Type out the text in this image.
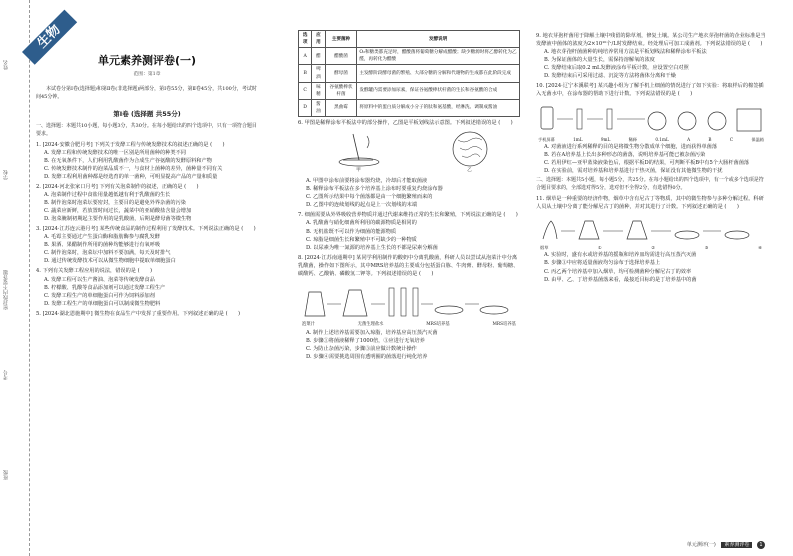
姓名
学校
密封线内不要答题
考号
班级
生物
单元素养测评卷(一)
范围：第1章
本试卷分第Ⅰ卷(选择题)和第Ⅱ卷(非选择题)两部分，第Ⅰ卷55分，第Ⅱ卷45分，共100分，考试时间45分钟。
第Ⅰ卷 (选择题 共55分)
一、选择题：本题共10小题，每小题3分，共30分。在每小题给出的四个选项中，只有一项符合题目要求。
1. [2024·安徽合肥月考] 下列关于发酵工程与传统发酵技术的叙述正确的是 (　　)
A. 发酵工程和传统发酵技术的唯一区别是所用菌种的种类不同
B. 在无氧条件下，人们利用乳酸菌作为合成生产谷氨酸的发酵原料和产物
C. 传统发酵技术制作的泡菜品质不一，与食材上菌种的差异，菌种量不同有关
D. 发酵工程利用菌种都是经选育的单一菌种，可明显提高产品的产量和质量
2. [2024·河北张家口月考] 下列有关泡菜制作的叙述，正确的是 (　　)
A. 泡菜制作过程中食盐用量越低越有利于乳酸菌的生长
B. 制作泡菜时泡菜坛要密封，主要目的是避免外界杂菌的污染
C. 蔬菜应新鲜，若放置时间过长，蔬菜中的亚硝酸盐含量会增加
D. 泡菜腌制初期起主要作用的是乳酸菌，后期是酵母菌等微生物
3. [2024·江苏连云港月考] 某些传统食品的制作过程利用了发酵技术。下列说法正确的是 (　　)
A. 毛霉主要通过产生蛋白酶和脂肪酶参与腐乳发酵
B. 果酒、果醋制作所用的菌种均能够进行有氧呼吸
C. 制作泡菜时，泡菜坛中加料不要加满，每天及时排气
D. 通过传统发酵技术可以从微生物细胞中提取单细胞蛋白
4. 下列有关发酵工程应用的说法，错误的是 (　　)
A. 发酵工程可以生产酱油、泡菜等传统发酵食品
B. 柠檬酸、乳酸等食品添加剂可以通过发酵工程生产
C. 发酵工程生产的单细胞蛋白可作为饲料添加剂
D. 发酵工程生产的单细胞蛋白可以制成微生物肥料
5. [2024·湖北恩施期中] 微生物在食品生产中发挥了重要作用。下列叙述正确的是 (　　)
选项	应用	主要菌种	发酵说明
A	醋	醋酸菌	O₂和糖类都充足时，醋酸菌将葡萄糖分解成醋酸；缺少糖源时将乙醇转化为乙醛，再转化为醋酸
B	啤酒	酵母菌	主发酵阶段酵母菌的繁殖、大部分糖的分解和代谢物的生成都在此阶段完成
C	味精	谷氨酸棒状杆菌	发酵罐内需要添加尿素，保证谷氨酸棒状杆菌的生长和谷氨酸的合成
D	酱油	黑曲霉	将原料中的蛋白质分解成小分子的肽和氨基酸，经淋洗、调制成酱油
6. 甲图是稀释涂布平板法中的部分操作，乙图是平板划线法示意图。下列叙述错误的是 (　　)
甲	乙
A. 甲图中涂布前要将涂布器灼烧，冷却后才能取菌液
B. 稀释涂布平板法在多个培养基上涂布时要重复灼烧涂布器
C. 乙图所示结果中每个菌落都是由一个细胞繁殖而来的
D. 乙图中的连续划线的起点是上一次划线的末端
7. 细菌需要从外界吸收营养物质并通过代谢来维持正常的生长和繁殖，下列说法正确的是 (　　)
A. 乳酸菌与硝化细菌所利用的碳源物质是相同的
B. 无机盐既不可以作为细菌的能源物质
C. 琼脂是细菌生长和繁殖中不可缺少的一种物质
D. 以尿素为唯一氮源的培养基上生长的不都是尿素分解菌
8. [2024·江苏南通期中] 某同学利用制作的酸奶中分离乳酸菌，科研人员以尝试从泡菜汁中分离乳酸菌，操作如下图所示，其中MRS培养基的主要成分包括蛋白胨、牛肉膏、酵母粉、葡萄糖、碳酸钙、乙酸钠、磷酸氢二钾等。下列叙述错误的是 (　　)
泡菜汁	无菌生理盐水	MRS培养基	MRS培养基
A. 制作上述培养基需要加入琼脂，培养基应高压蒸汽灭菌
B. 步骤①将菌液稀释了1000倍，③应进行无氧培养
C. 为防止杂菌污染，步骤③前应做计数统计操作
D. 步骤④需要挑选周围有透明圈的菌落进行纯化培养
9. 地衣芽孢杆菌用于降解土壤中残留的除草剂，修复土壤。某公司生产地衣芽孢杆菌的企业标准是当发酵液中菌体的浓度为2×10¹⁰个/L时发酵结束。经处理后可加工成菌剂。下列说法错误的是 (　　)
A. 地衣芽孢杆菌菌种的纯培养常用方法是平板划线法和稀释涂布平板法
B. 为保证菌体的大量生长，需保持溶解氧的浓度
C. 发酵结束后取0.2 mL发酵液涂布平板计数，应设置空白对照
D. 发酵结束后可采用过滤、沉淀等方法将菌体分离和干燥
10. [2024·辽宁本溪联考] 某兴趣小组为了解手机上细菌的情况进行了如下实验：将取样后的棉签插入无菌水中，在涂布器的帮助下进行计数。下列说法错误的是 (　　)
手机屏幕	1mL	9mL	稀释	0.1mL	A	B	C	保温箱
A. 对菌液进行系列稀释的目的是将微生物分散成单个细胞，进而获得单菌落
B. 若在A培养基上长出多种形态的菌落，说明培养基可能已被杂菌污染
C. 若用伊红—亚甲蓝染液染色后，根据平板D的结果，可判断平板B中有5个大肠杆菌菌落
D. 在实验前，需对培养基和培养基进行干热灭菌，保证没有其他微生物的干扰
二、选择题：本题共5小题，每小题5分，共25分。在每小题给出的四个选项中，有一个或多个选项是符合题目要求的，全部选对得5分，选对但不全得2分，有选错得0分。
11. 烟草是一种重要的经济作物，烟草中含有尼古丁等物质，其中的微生物参与多种分解过程。科研人员从土壤中分离了能分解尼古丁的菌种，并对其进行了计数。下列叙述正确的是 (　　)
烟草	①	②	③	④
A. 实验时，盛有水或培养基的摇瓶和培养皿均需进行高压蒸汽灭菌
B. 步骤③中应将适量菌液均匀涂布于选择培养基上
C. 丙乙两个培养基中加入烟草，均可检测菌种分解尼古丁的效率
D. 由甲、乙、丁培养基菌落来看，最接近目标的是丁培养基中的菌
单元测评(一) 素养测评卷 1
